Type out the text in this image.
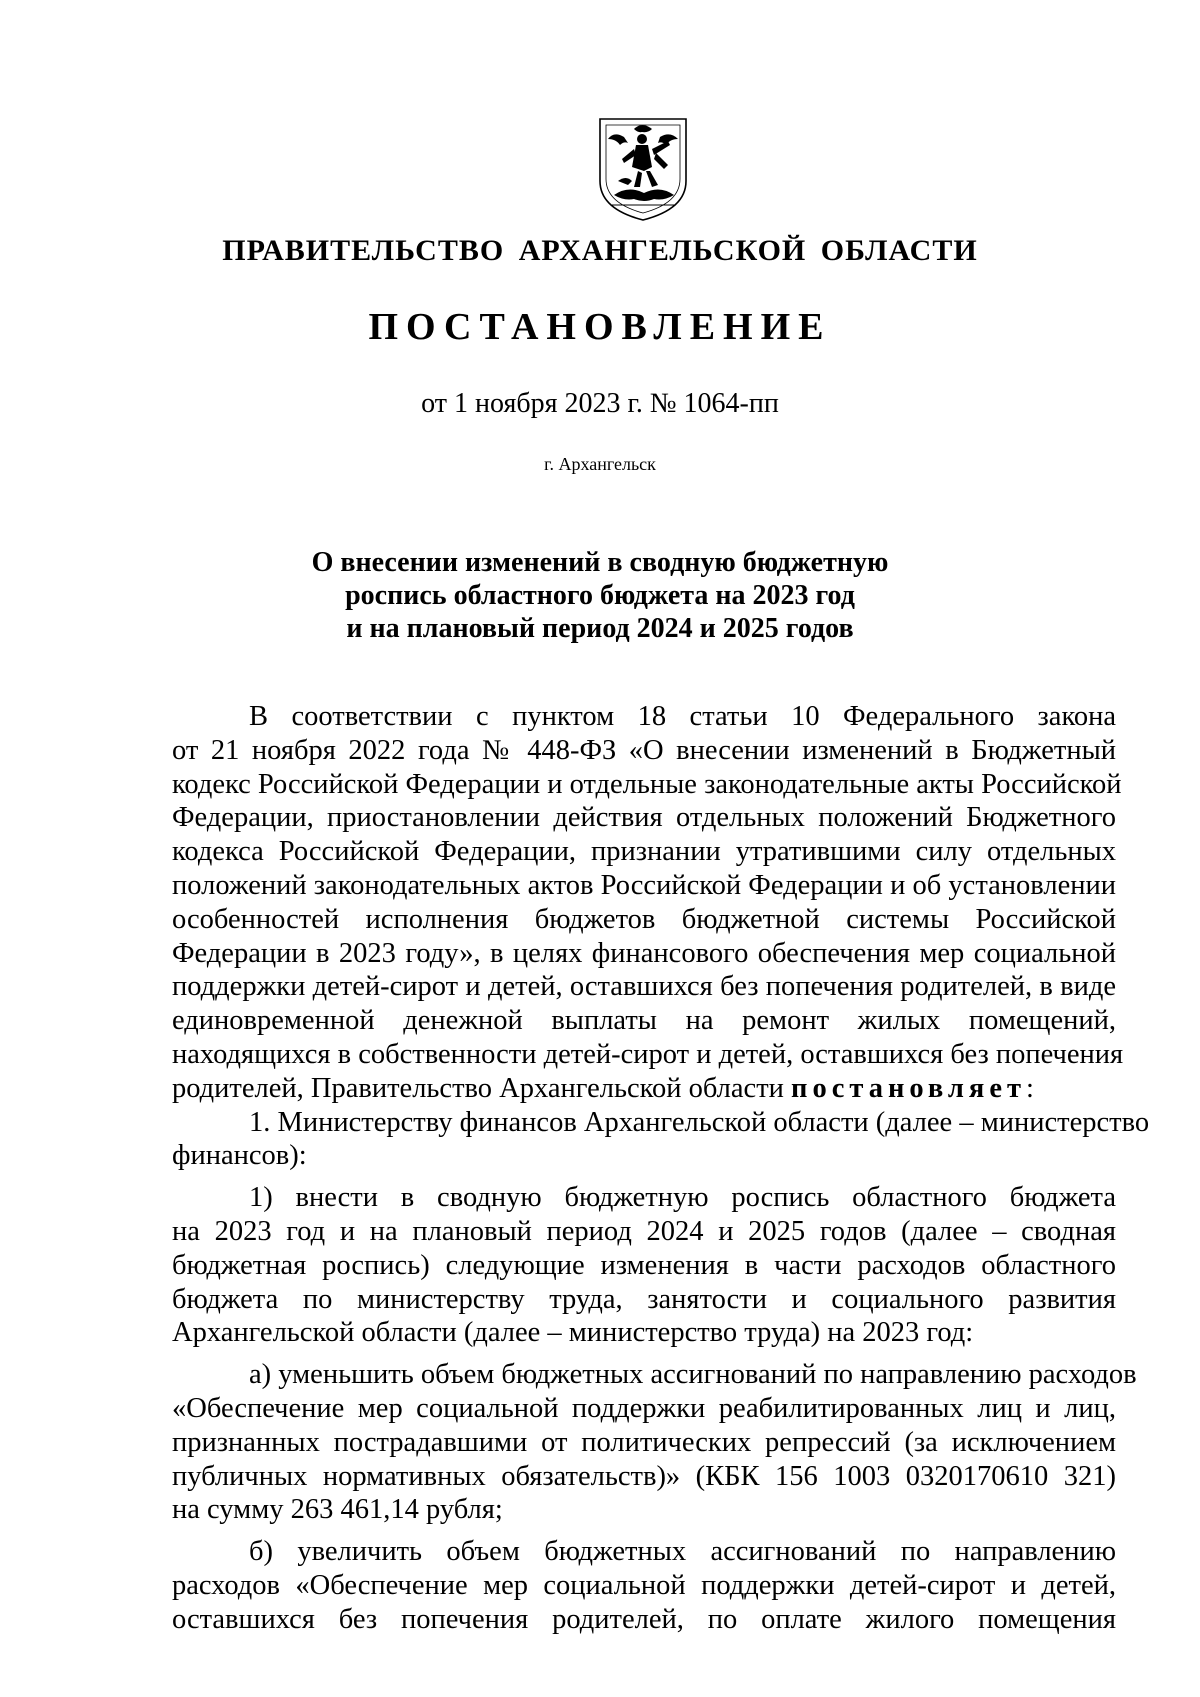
ПРАВИТЕЛЬСТВО АРХАНГЕЛЬСКОЙ ОБЛАСТИ
ПОСТАНОВЛЕНИЕ
от 1 ноября 2023 г. № 1064-пп
г. Архангельск
О внесении изменений в сводную бюджетную
роспись областного бюджета на 2023 год
и на плановый период 2024 и 2025 годов
В соответствии с пунктом 18 статьи 10 Федерального закона
от 21 ноября 2022 года № 448-ФЗ «О внесении изменений в Бюджетный
кодекс Российской Федерации и отдельные законодательные акты Российской
Федерации, приостановлении действия отдельных положений Бюджетного
кодекса Российской Федерации, признании утратившими силу отдельных
положений законодательных актов Российской Федерации и об установлении
особенностей исполнения бюджетов бюджетной системы Российской
Федерации в 2023 году», в целях финансового обеспечения мер социальной
поддержки детей-сирот и детей, оставшихся без попечения родителей, в виде
единовременной денежной выплаты на ремонт жилых помещений,
находящихся в собственности детей-сирот и детей, оставшихся без попечения
родителей, Правительство Архангельской области постановляет:
1. Министерству финансов Архангельской области (далее – министерство
финансов):
1) внести в сводную бюджетную роспись областного бюджета
на 2023 год и на плановый период 2024 и 2025 годов (далее – сводная
бюджетная роспись) следующие изменения в части расходов областного
бюджета по министерству труда, занятости и социального развития
Архангельской области (далее – министерство труда) на 2023 год:
а) уменьшить объем бюджетных ассигнований по направлению расходов
«Обеспечение мер социальной поддержки реабилитированных лиц и лиц,
признанных пострадавшими от политических репрессий (за исключением
публичных нормативных обязательств)» (КБК 156 1003 0320170610 321)
на сумму 263 461,14 рубля;
б) увеличить объем бюджетных ассигнований по направлению
расходов «Обеспечение мер социальной поддержки детей-сирот и детей,
оставшихся без попечения родителей, по оплате жилого помещения
